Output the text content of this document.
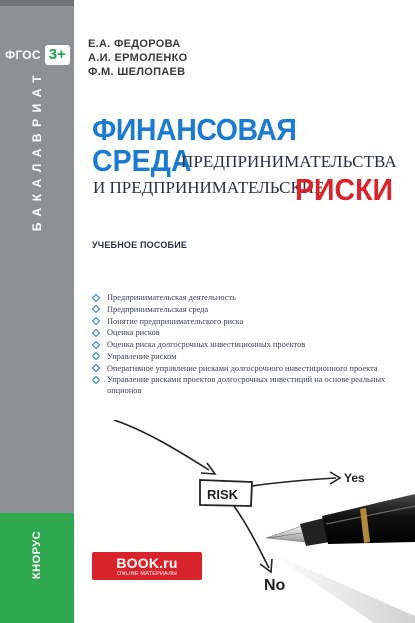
ФГОС 3+
БАКАЛАВРИАТ
КНОРУС
Е.А. ФЕДОРОВА
А.И. ЕРМОЛЕНКО
Ф.М. ШЕЛОПАЕВ
ФИНАНСОВАЯ
СРЕДА
ПРЕДПРИНИМАТЕЛЬСТВА
И ПРЕДПРИНИМАТЕЛЬСКИЕ
РИСКИ
УЧЕБНОЕ ПОСОБИЕ
Предпринимательская деятельность
Предпринимательская среда
Понятие предпринимательского риска
Оценка рисков
Оценка риска долгосрочных инвестиционных проектов
Управление риском
Оперативное управление рисками долгосрочного инвестиционного проекта
Управление рисками проектов долгосрочных инвестиций на основе реальных опционов
RISK
Yes
No
BOOK.ru
ONLINE МАТЕРИАЛЫ
